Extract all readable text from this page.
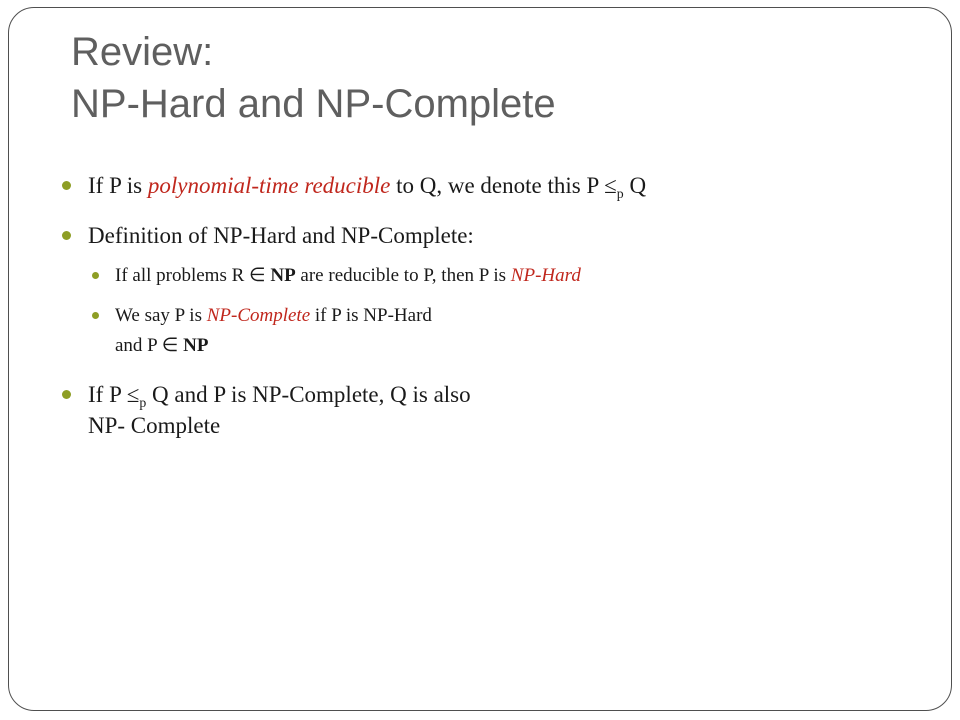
Review:
NP-Hard and NP-Complete
If P is polynomial-time reducible to Q, we denote this $P \le_p$ Q
Definition of NP-Hard and NP-Complete:
If all problems R ∈ NP are reducible to P, then P is NP-Hard
We say P is NP-Complete if P is NP-Hard
and P ∈ NP
If $P \le_p$ Q and P is NP-Complete, Q is also
NP- Complete
